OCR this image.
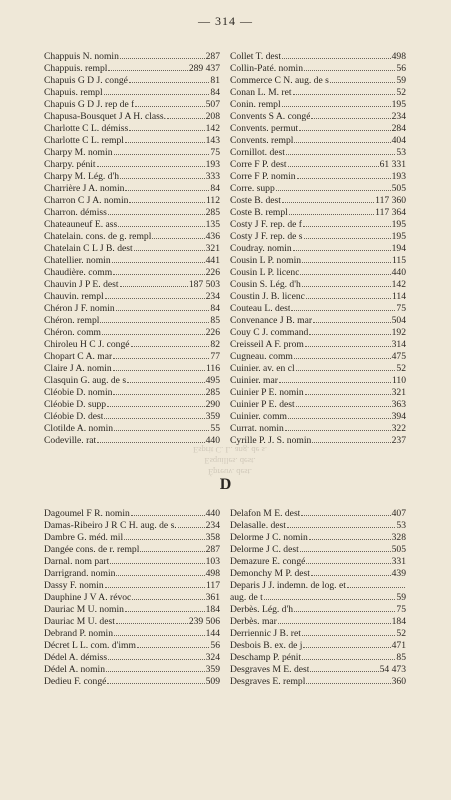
— 314 —
Épreuv. dest.
Esquilles. dest.
Esprit C. L. ang. de s.
Chappuis N. nomin	287
Chappuis. rempl	289 437
Chapuis G D J. congé	81
Chapuis. rempl	84
Chapuis G D J. rep de f	507
Chapusa-Bousquet J A H. class.	208
Charlotte C L. démiss	142
Charlotte C L. rempl	143
Charpy M. nomin	75
Charpy. pénit	193
Charpy M. Lég. d'h	333
Charrière J A. nomin	84
Charron C J A. nomin	112
Charron. démiss	285
Chateauneuf E. ass	135
Chatelain. cons. de g. rempl	436
Chatelain C L J B. dest	321
Chatellier. nomin	441
Chaudière. comm	226
Chauvin J P E. dest	187 503
Chauvin. rempl	234
Chéron J F. nomin	84
Chéron. rempl	85
Chéron. comm	226
Chiroleu H C J. congé	82
Chopart C A. mar	77
Claire J A. nomin	116
Clasquin G. aug. de s	495
Cléobie D. nomin	285
Cléobie D. supp	290
Cléobie D. dest	359
Clotilde A. nomin	55
Codeville. rat	440
Collet T. dest	498
Collin-Paté. nomin	56
Commerce C N. aug. de s	59
Conan L. M. ret	52
Conin. rempl	195
Convents S A. congé	234
Convents. permut	284
Convents. rempl	404
Cornillot. dest	53
Corre F P. dest	61 331
Corre F P. nomin	193
Corre. supp	505
Coste B. dest	117 360
Coste B. rempl	117 364
Costy J F. rep. de f	195
Costy J F. rep. de s	195
Coudray. nomin	194
Cousin L P. nomin	115
Cousin L P. licenc	440
Cousin S. Lég. d'h	142
Coustin J. B. licenc	114
Couteau L. dest	75
Convenance J B. mar	504
Couy C J. command	192
Creisseil A F. prom	314
Cugneau. comm	475
Cuinier. av. en cl	52
Cuinier. mar	110
Cuinier P E. nomin	321
Cuinier P E. dest	363
Cuinier. comm	394
Currat. nomin	322
Cyrille P. J. S. nomin	237
D
Dagoumel F R. nomin	440
Damas-Ribeiro J R C H. aug. de s.	234
Dambre G. méd. mil	358
Dangée cons. de r. rempl	287
Darnal. nom part	103
Darrigrand. nomin	498
Dassy F. nomin	117
Dauphine J V A. révoc	361
Dauriac M U. nomin	184
Dauriac M U. dest	239 506
Debrand P. nomin	144
Décret L L. com. d'imm	56
Dédel A. démiss	324
Dédel A. nomin	359
Dedieu F. congé	509
Delafon M E. dest	407
Delasalle. dest	53
Delorme J C. nomin	328
Delorme J C. dest	505
Demazure E. congé	331
Demonchy M P. dest	439
Deparis J J. indemn. de log. et
aug. de t	59
Derbès. Lég. d'h	75
Derbès. mar	184
Derriennic J B. ret	52
Desbois B. ex. de j	471
Deschamp P. pénit	85
Desgraves M E. dest	54 473
Desgraves E. rempl	360
